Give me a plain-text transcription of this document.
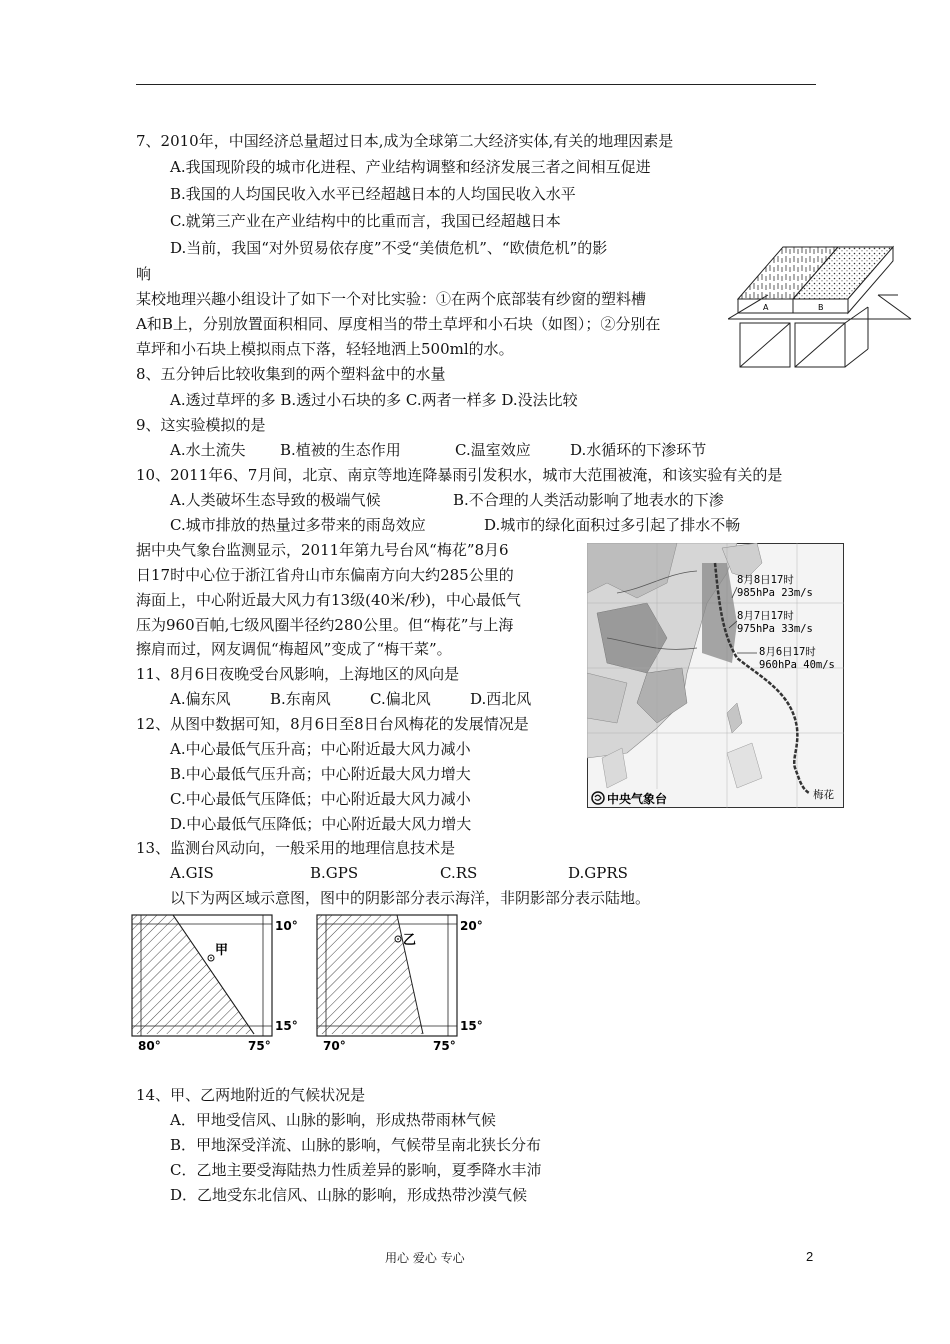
7、2010年，中国经济总量超过日本,成为全球第二大经济实体,有关的地理因素是
A.我国现阶段的城市化进程、产业结构调整和经济发展三者之间相互促进
B.我国的人均国民收入水平已经超越日本的人均国民收入水平
C.就第三产业在产业结构中的比重而言，我国已经超越日本
D.当前，我国“对外贸易依存度”不受“美债危机”、“欧债危机”的影
响
某校地理兴趣小组设计了如下一个对比实验：①在两个底部装有纱窗的塑料槽
A和B上，分别放置面积相同、厚度相当的带土草坪和小石块（如图）；②分别在
草坪和小石块上模拟雨点下落，轻轻地洒上500ml的水。
A	B
8、五分钟后比较收集到的两个塑料盆中的水量
A.透过草坪的多 B.透过小石块的多 C.两者一样多 D.没法比较
9、这实验模拟的是
A.水土流失 B.植被的生态作用	C.温室效应	D.水循环的下渗环节
10、2011年6、7月间，北京、南京等地连降暴雨引发积水，城市大范围被淹，和该实验有关的是
A.人类破坏生态导致的极端气候	B.不合理的人类活动影响了地表水的下渗
C.城市排放的热量过多带来的雨岛效应	D.城市的绿化面积过多引起了排水不畅
据中央气象台监测显示，2011年第九号台风“梅花”8月6
日17时中心位于浙江省舟山市东偏南方向大约285公里的
海面上，中心附近最大风力有13级(40米/秒)，中心最低气
压为960百帕,七级风圈半径约280公里。但“梅花”与上海
擦肩而过，网友调侃“梅超风”变成了“梅干菜”。
8月8日17时
985hPa 23m/s
8月7日17时
975hPa 33m/s
8月6日17时
960hPa 40m/s
梅花
中央气象台
11、8月6日夜晚受台风影响，上海地区的风向是
A.偏东风	B.东南风	C.偏北风	D.西北风
12、从图中数据可知，8月6日至8日台风梅花的发展情况是
A.中心最低气压升高；中心附近最大风力减小
B.中心最低气压升高；中心附近最大风力增大
C.中心最低气压降低；中心附近最大风力减小
D.中心最低气压降低；中心附近最大风力增大
13、监测台风动向，一般采用的地理信息技术是
A.GIS	B.GPS	C.RS	D.GPRS
以下为两区域示意图，图中的阴影部分表示海洋，非阴影部分表示陆地。
甲
10°
15°
80°	75°
乙
20°
15°
70°	75°
14、甲、乙两地附近的气候状况是
A．甲地受信风、山脉的影响，形成热带雨林气候
B．甲地深受洋流、山脉的影响，气候带呈南北狭长分布
C．乙地主要受海陆热力性质差异的影响，夏季降水丰沛
D．乙地受东北信风、山脉的影响，形成热带沙漠气候
用心 爱心 专心	2
